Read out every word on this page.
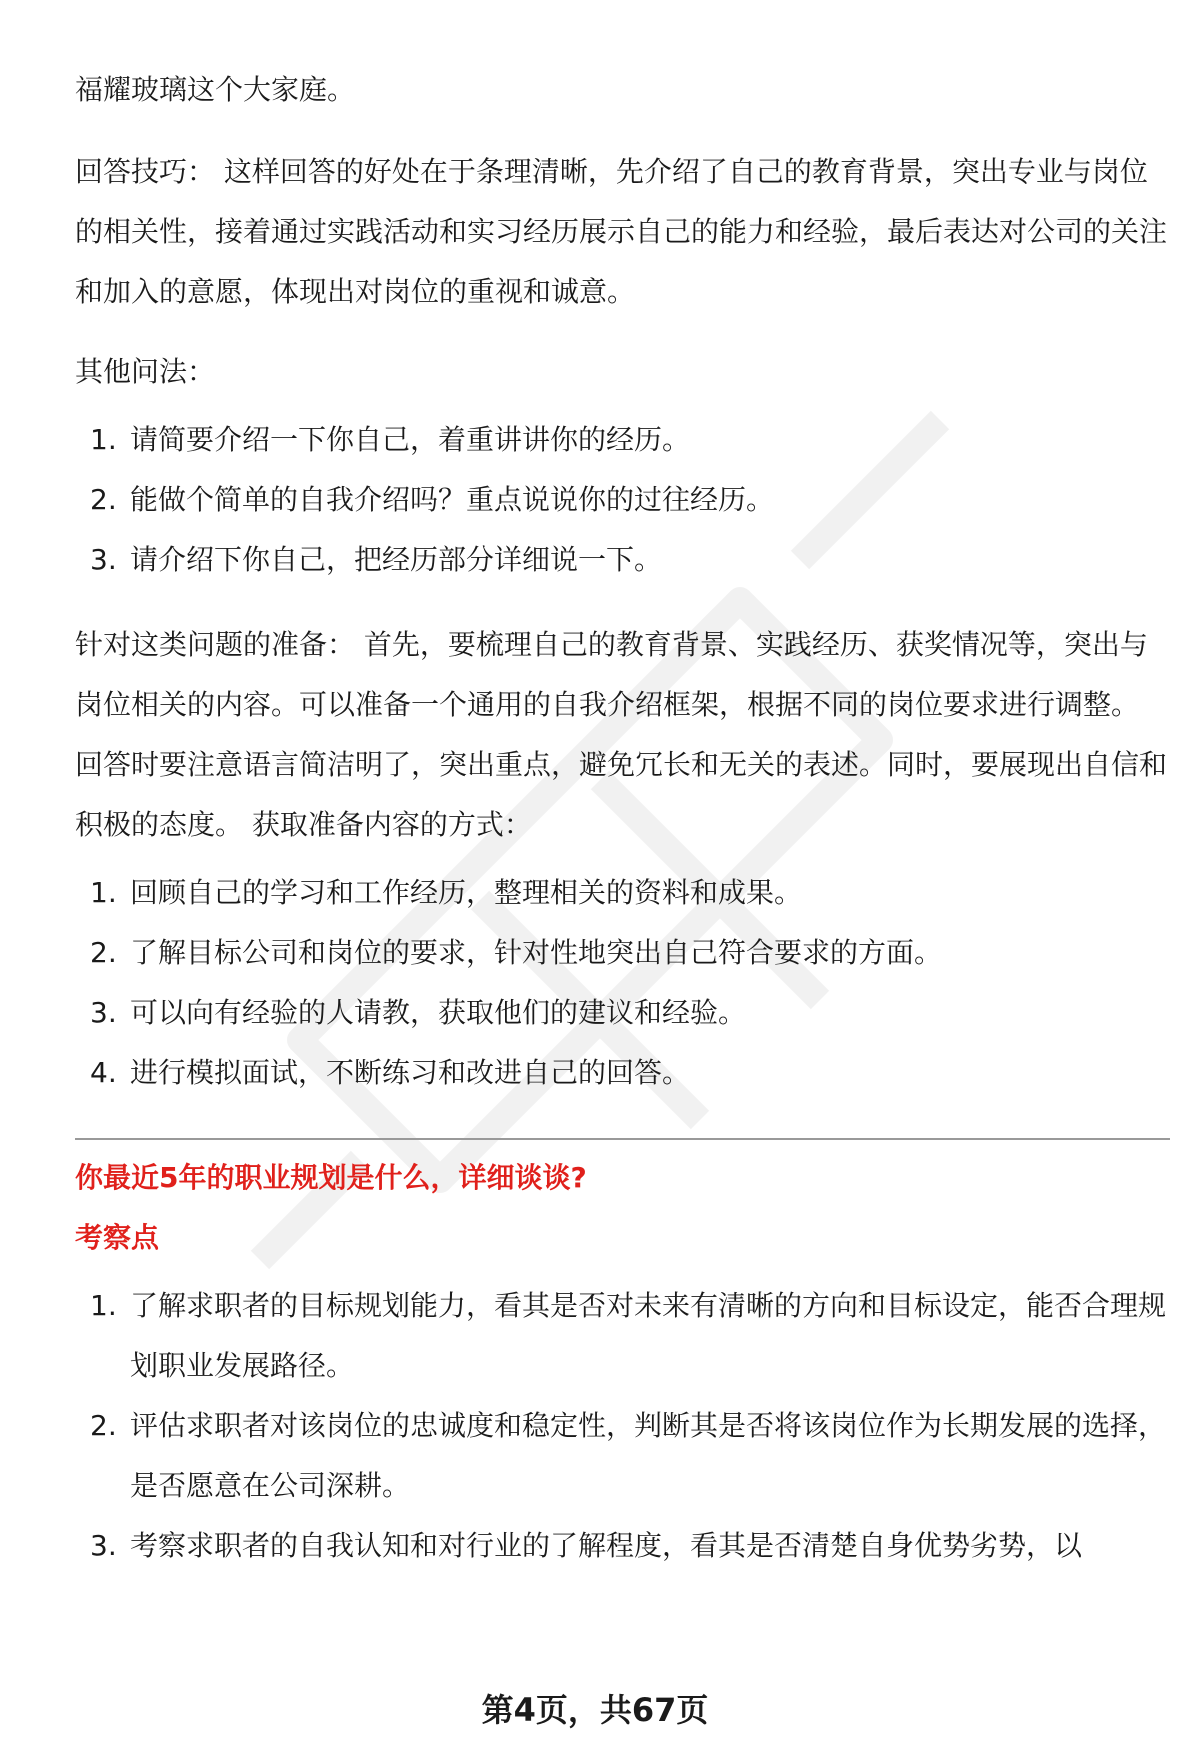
福耀玻璃这个大家庭。

回答技巧： 这样回答的好处在于条理清晰，先介绍了自己的教育背景，突出专业与岗位的相关性，接着通过实践活动和实习经历展示自己的能力和经验，最后表达对公司的关注和加入的意愿，体现出对岗位的重视和诚意。

其他问法：

1. 请简要介绍一下你自己，着重讲讲你的经历。
2. 能做个简单的自我介绍吗？重点说说你的过往经历。
3. 请介绍下你自己，把经历部分详细说一下。

针对这类问题的准备： 首先，要梳理自己的教育背景、实践经历、获奖情况等，突出与岗位相关的内容。可以准备一个通用的自我介绍框架，根据不同的岗位要求进行调整。 回答时要注意语言简洁明了，突出重点，避免冗长和无关的表述。同时，要展现出自信和积极的态度。 获取准备内容的方式：

1. 回顾自己的学习和工作经历，整理相关的资料和成果。
2. 了解目标公司和岗位的要求，针对性地突出自己符合要求的方面。
3. 可以向有经验的人请教，获取他们的建议和经验。
4. 进行模拟面试，不断练习和改进自己的回答。

你最近5年的职业规划是什么，详细谈谈?

考察点

1. 了解求职者的目标规划能力，看其是否对未来有清晰的方向和目标设定，能否合理规划职业发展路径。
2. 评估求职者对该岗位的忠诚度和稳定性，判断其是否将该岗位作为长期发展的选择，是否愿意在公司深耕。
3. 考察求职者的自我认知和对行业的了解程度，看其是否清楚自身优势劣势，以
第4页，共67页
